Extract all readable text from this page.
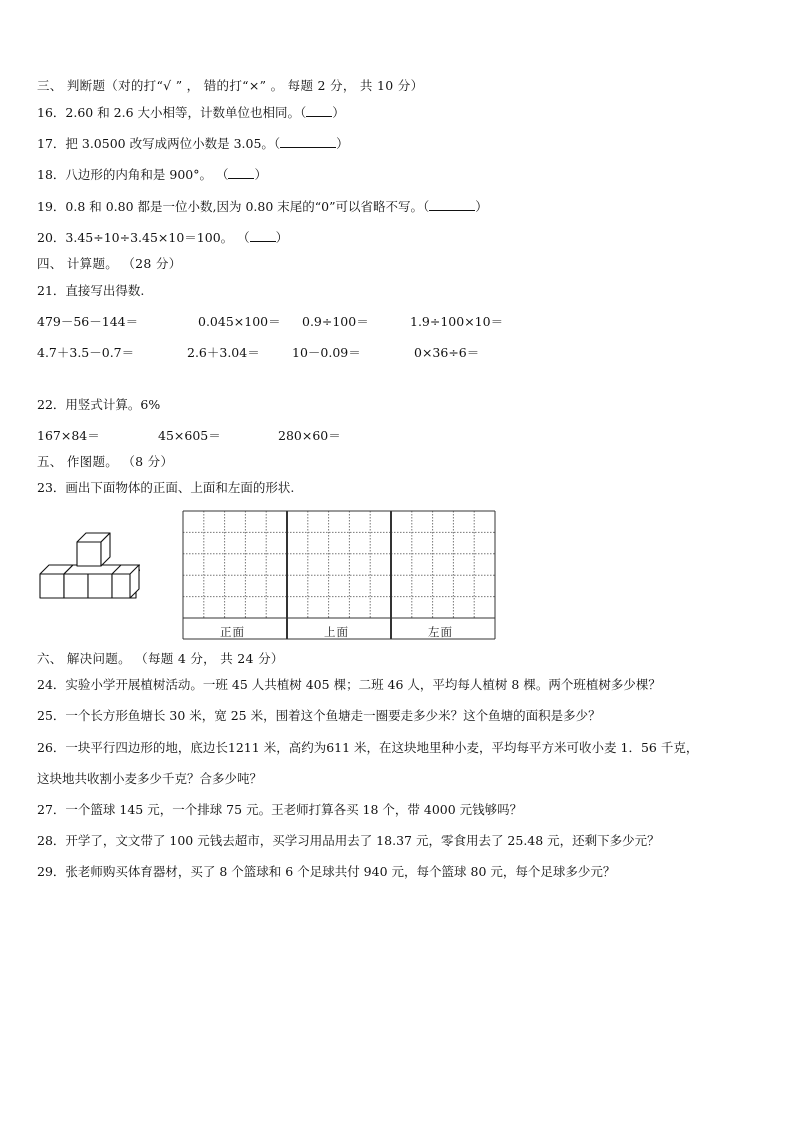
三、 判断题（对的打“√ ” ， 错的打“×” 。 每题 2 分， 共 10 分）
16．2.60 和 2.6 大小相等，计数单位也相同。（ ）
17．把 3.0500 改写成两位小数是 3.05。（	）
18．八边形的内角和是 900°。 （ ）
19．0.8 和 0.80 都是一位小数,因为 0.80 末尾的“0”可以省略不写。（	）
20．3.45÷10÷3.45×10＝100。 （ ）
四、 计算题。 （28 分）
21．直接写出得数.
479－56－144＝	0.045×100＝ 0.9÷100＝	1.9÷100×10＝
4.7＋3.5－0.7＝	2.6＋3.04＝	10－0.09＝	0×36÷6＝
22．用竖式计算。6%
167×84＝	45×605＝	280×60＝
五、 作图题。 （8 分）
23．画出下面物体的正面、上面和左面的形状.
正面	上面	左面
六、 解决问题。 （每题 4 分， 共 24 分）
24．实验小学开展植树活动。一班 45 人共植树 405 棵；二班 46 人，平均每人植树 8 棵。两个班植树多少棵？
25．一个长方形鱼塘长 30 米，宽 25 米，围着这个鱼塘走一圈要走多少米？这个鱼塘的面积是多少？
26．一块平行四边形的地，底边长1211 米，高约为611 米，在这块地里种小麦，平均每平方米可收小麦 1．56 千克，
这块地共收割小麦多少千克？合多少吨？
27．一个篮球 145 元，一个排球 75 元。王老师打算各买 18 个，带 4000 元钱够吗？
28．开学了，文文带了 100 元钱去超市，买学习用品用去了 18.37 元，零食用去了 25.48 元，还剩下多少元？
29．张老师购买体育器材，买了 8 个篮球和 6 个足球共付 940 元，每个篮球 80 元，每个足球多少元？
